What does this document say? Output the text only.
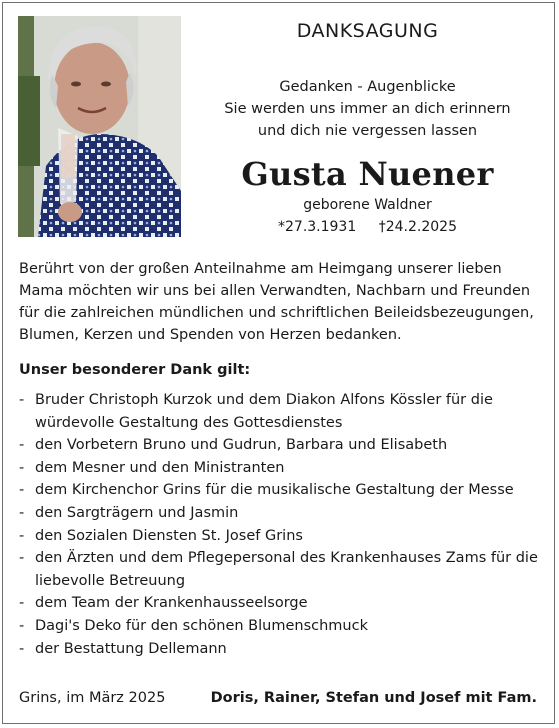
DANKSAGUNG
Gedanken - Augenblicke
Sie werden uns immer an dich erinnern
und dich nie vergessen lassen
Gusta Nuener
geborene Waldner
*27.3.1931 †24.2.2025
Berührt von der großen Anteilnahme am Heimgang unserer lieben Mama möchten wir uns bei allen Verwandten, Nachbarn und Freunden für die zahlreichen mündlichen und schriftlichen Beileidsbezeugungen, Blumen, Kerzen und Spenden von Herzen bedanken.
Unser besonderer Dank gilt:
- Bruder Christoph Kurzok und dem Diakon Alfons Kössler für die würdevolle Gestaltung des Gottesdienstes
- den Vorbetern Bruno und Gudrun, Barbara und Elisabeth
- dem Mesner und den Ministranten
- dem Kirchenchor Grins für die musikalische Gestaltung der Messe
- den Sargträgern und Jasmin
- den Sozialen Diensten St. Josef Grins
- den Ärzten und dem Pflegepersonal des Krankenhauses Zams für die liebevolle Betreuung
- dem Team der Krankenhausseelsorge
- Dagi's Deko für den schönen Blumenschmuck
- der Bestattung Dellemann
Grins, im März 2025	Doris, Rainer, Stefan und Josef mit Fam.
